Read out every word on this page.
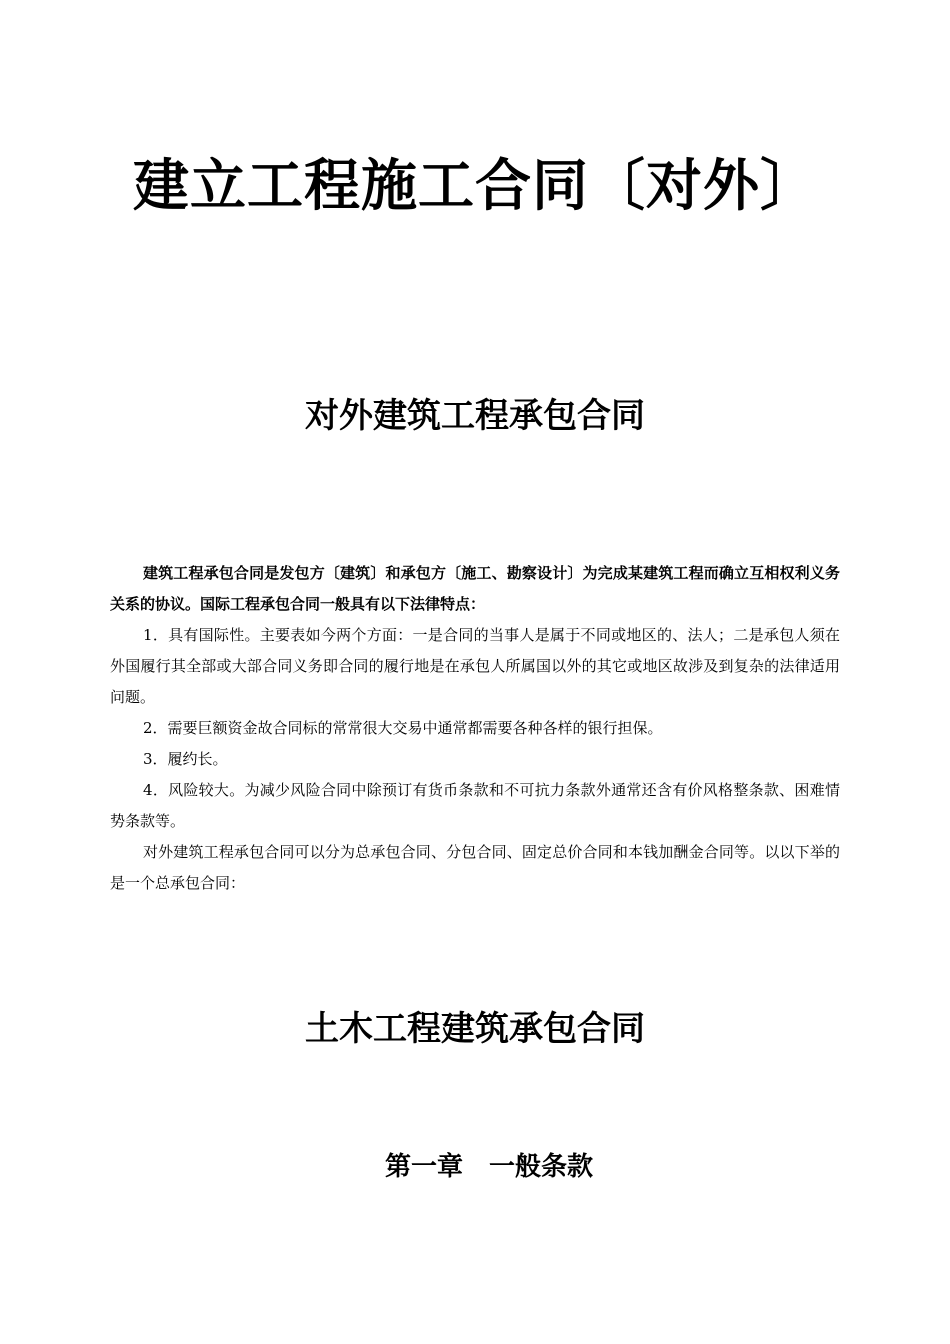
建立工程施工合同〔对外〕
对外建筑工程承包合同

建筑工程承包合同是发包方〔建筑〕和承包方〔施工、勘察设计〕为完成某建筑工程而确立互相权利义务关系的协议。国际工程承包合同一般具有以下法律特点：

1．具有国际性。主要表如今两个方面：一是合同的当事人是属于不同或地区的、法人；二是承包人须在外国履行其全部或大部合同义务即合同的履行地是在承包人所属国以外的其它或地区故涉及到复杂的法律适用问题。

2．需要巨额资金故合同标的常常很大交易中通常都需要各种各样的银行担保。

3．履约长。

4．风险较大。为减少风险合同中除预订有货币条款和不可抗力条款外通常还含有价风格整条款、困难情势条款等。

对外建筑工程承包合同可以分为总承包合同、分包合同、固定总价合同和本钱加酬金合同等。以以下举的是一个总承包合同：

土木工程建筑承包合同
第一章　一般条款
